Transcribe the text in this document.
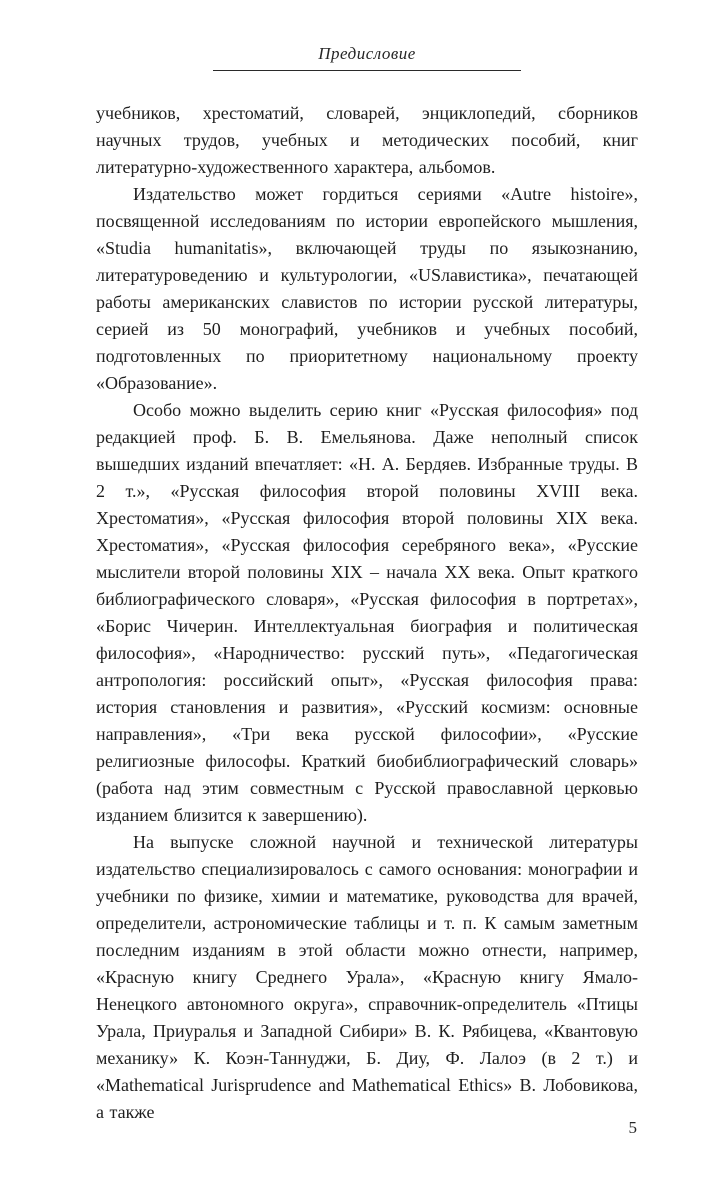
Предисловие

учебников, хрестоматий, словарей, энциклопедий, сборников научных трудов, учебных и методических пособий, книг литературно-художественного характера, альбомов.

Издательство может гордиться сериями «Autre histoire», посвященной исследованиям по истории европейского мышления, «Studia humanitatis», включающей труды по языкознанию, литературоведению и культурологии, «USлавистика», печатающей работы американских славистов по истории русской литературы, серией из 50 монографий, учебников и учебных пособий, подготовленных по приоритетному национальному проекту «Образование».

Особо можно выделить серию книг «Русская философия» под редакцией проф. Б. В. Емельянова. Даже неполный список вышедших изданий впечатляет: «Н. А. Бердяев. Избранные труды. В 2 т.», «Русская философия второй половины XVIII века. Хрестоматия», «Русская философия второй половины XIX века. Хрестоматия», «Русская философия серебряного века», «Русские мыслители второй половины XIX – начала XX века. Опыт краткого библиографического словаря», «Русская философия в портретах», «Борис Чичерин. Интеллектуальная биография и политическая философия», «Народничество: русский путь», «Педагогическая антропология: российский опыт», «Русская философия права: история становления и развития», «Русский космизм: основные направления», «Три века русской философии», «Русские религиозные философы. Краткий биобиблиографический словарь» (работа над этим совместным с Русской православной церковью изданием близится к завершению).

На выпуске сложной научной и технической литературы издательство специализировалось с самого основания: монографии и учебники по физике, химии и математике, руководства для врачей, определители, астрономические таблицы и т. п. К самым заметным последним изданиям в этой области можно отнести, например, «Красную книгу Среднего Урала», «Красную книгу Ямало-Ненецкого автономного округа», справочник-определитель «Птицы Урала, Приуралья и Западной Сибири» В. К. Рябицева, «Квантовую механику» К. Коэн-Таннуджи, Б. Диу, Ф. Лалоэ (в 2 т.) и «Mathematical Jurisprudence and Mathematical Ethics» В. Лобовикова, а также

5
